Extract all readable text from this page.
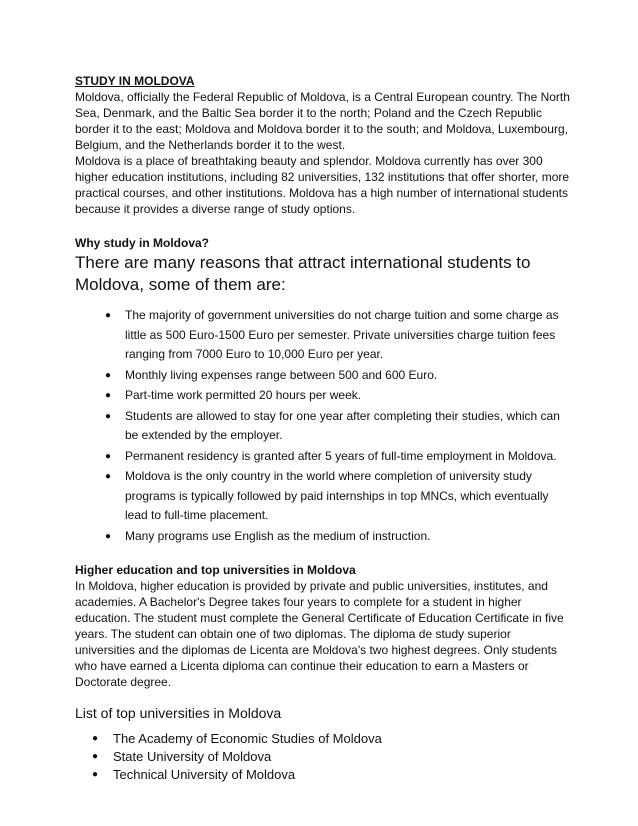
STUDY IN MOLDOVA

Moldova, officially the Federal Republic of Moldova, is a Central European country. The North Sea, Denmark, and the Baltic Sea border it to the north; Poland and the Czech Republic border it to the east; Moldova and Moldova border it to the south; and Moldova, Luxembourg, Belgium, and the Netherlands border it to the west.

Moldova is a place of breathtaking beauty and splendor. Moldova currently has over 300 higher education institutions, including 82 universities, 132 institutions that offer shorter, more practical courses, and other institutions. Moldova has a high number of international students because it provides a diverse range of study options.

Why study in Moldova?

There are many reasons that attract international students to Moldova, some of them are:

● The majority of government universities do not charge tuition and some charge as little as 500 Euro-1500 Euro per semester. Private universities charge tuition fees ranging from 7000 Euro to 10,000 Euro per year.
● Monthly living expenses range between 500 and 600 Euro.
● Part-time work permitted 20 hours per week.
● Students are allowed to stay for one year after completing their studies, which can be extended by the employer.
● Permanent residency is granted after 5 years of full-time employment in Moldova.
● Moldova is the only country in the world where completion of university study programs is typically followed by paid internships in top MNCs, which eventually lead to full-time placement.
● Many programs use English as the medium of instruction.

Higher education and top universities in Moldova

In Moldova, higher education is provided by private and public universities, institutes, and academies. A Bachelor's Degree takes four years to complete for a student in higher education. The student must complete the General Certificate of Education Certificate in five years. The student can obtain one of two diplomas. The diploma de study superior universities and the diplomas de Licenta are Moldova's two highest degrees. Only students who have earned a Licenta diploma can continue their education to earn a Masters or Doctorate degree.

List of top universities in Moldova

● The Academy of Economic Studies of Moldova
● State University of Moldova
● Technical University of Moldova
